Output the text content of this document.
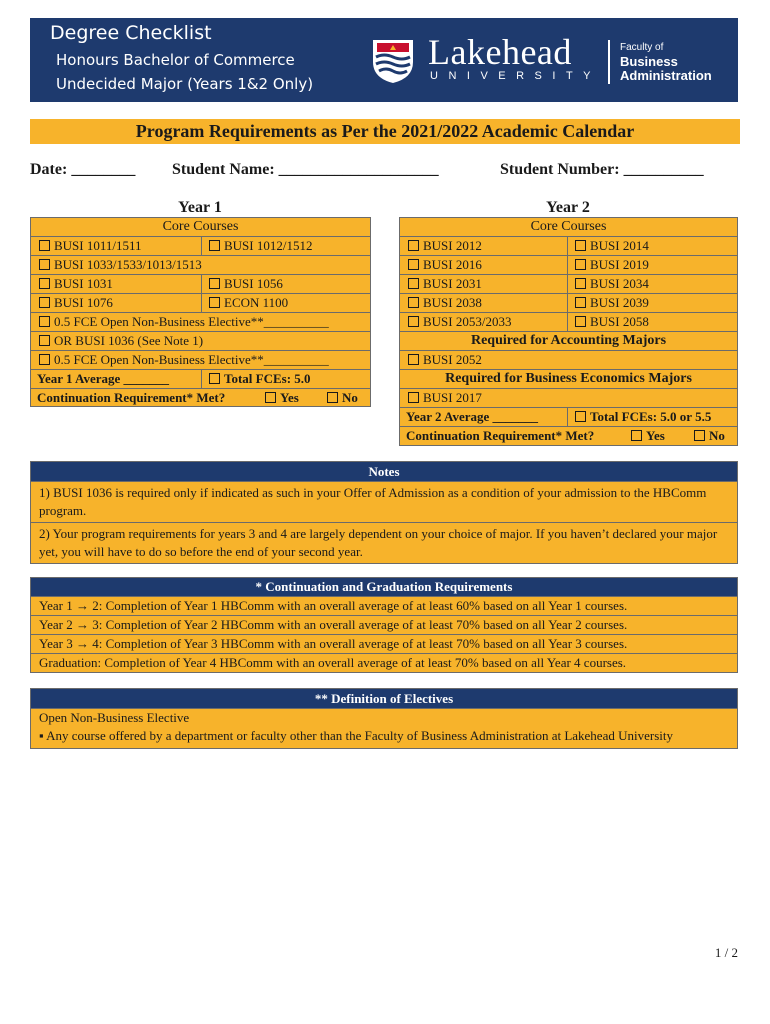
Degree Checklist
Honours Bachelor of Commerce
Undecided Major (Years 1&2 Only)
Lakehead
UNIVERSITY
Faculty of
Business
Administration
Program Requirements as Per the 2021/2022 Academic Calendar
Date: ________ Student Name: ____________________	Student Number: __________
Year 1
Core Courses
BUSI 1011/1511	BUSI 1012/1512
BUSI 1033/1533/1013/1513
BUSI 1031	BUSI 1056
BUSI 1076	ECON 1100
0.5 FCE Open Non-Business Elective**__________
OR BUSI 1036 (See Note 1)
0.5 FCE Open Non-Business Elective**__________
Year 1 Average _______	Total FCEs: 5.0
Continuation Requirement* Met?	Yes	No
Year 2
Core Courses
BUSI 2012	BUSI 2014
BUSI 2016	BUSI 2019
BUSI 2031	BUSI 2034
BUSI 2038	BUSI 2039
BUSI 2053/2033	BUSI 2058
Required for Accounting Majors
BUSI 2052
Required for Business Economics Majors
BUSI 2017
Year 2 Average _______	Total FCEs: 5.0 or 5.5
Continuation Requirement* Met?	Yes	No
Notes
1) BUSI 1036 is required only if indicated as such in your Offer of Admission as a condition of your admission to the HBComm program.
2) Your program requirements for years 3 and 4 are largely dependent on your choice of major. If you haven’t declared your major yet, you will have to do so before the end of your second year.
* Continuation and Graduation Requirements
Year 1 → 2: Completion of Year 1 HBComm with an overall average of at least 60% based on all Year 1 courses.
Year 2 → 3: Completion of Year 2 HBComm with an overall average of at least 70% based on all Year 2 courses.
Year 3 → 4: Completion of Year 3 HBComm with an overall average of at least 70% based on all Year 3 courses.
Graduation: Completion of Year 4 HBComm with an overall average of at least 70% based on all Year 4 courses.
** Definition of Electives
Open Non-Business Elective
▪ Any course offered by a department or faculty other than the Faculty of Business Administration at Lakehead University
1 / 2
